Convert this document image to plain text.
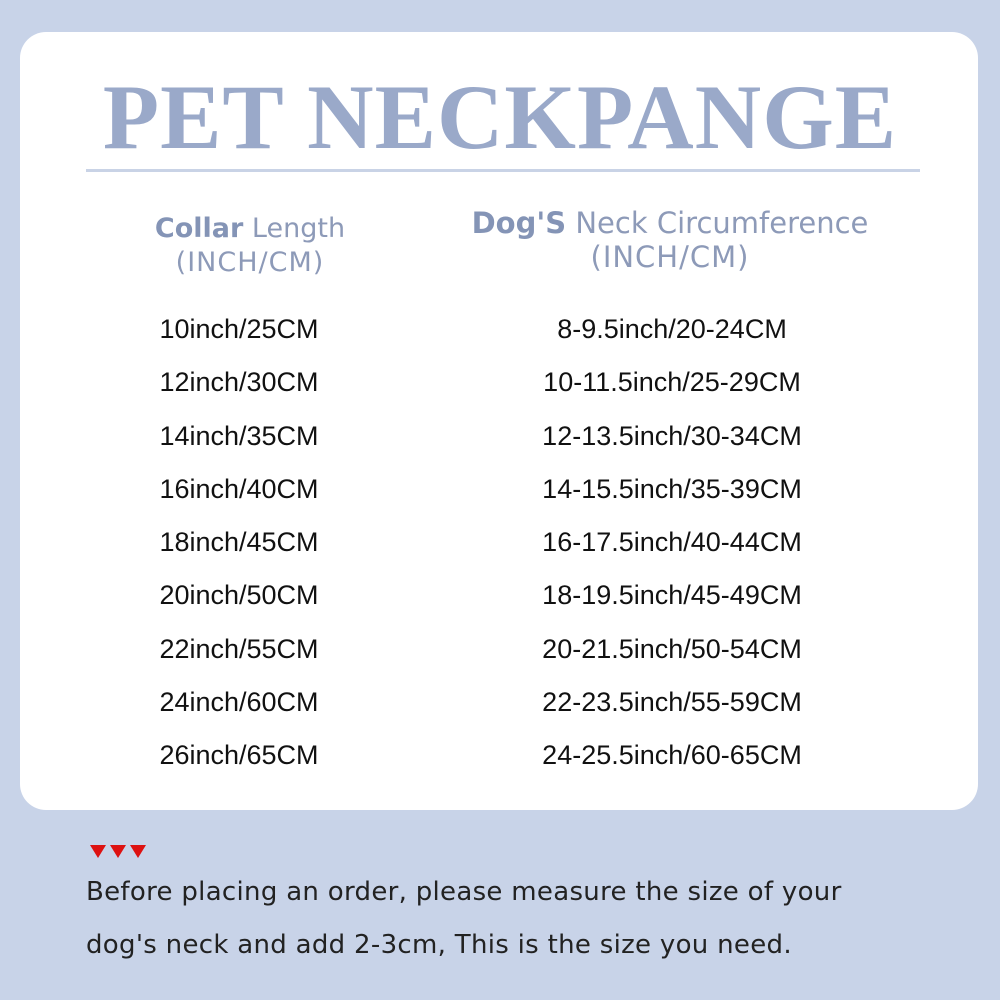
PET NECKPANGE
Collar Length
(INCH/CM)
Dog'S Neck Circumference
(INCH/CM)
10inch/25CM	8-9.5inch/20-24CM
12inch/30CM	10-11.5inch/25-29CM
14inch/35CM	12-13.5inch/30-34CM
16inch/40CM	14-15.5inch/35-39CM
18inch/45CM	16-17.5inch/40-44CM
20inch/50CM	18-19.5inch/45-49CM
22inch/55CM	20-21.5inch/50-54CM
24inch/60CM	22-23.5inch/55-59CM
26inch/65CM	24-25.5inch/60-65CM

Before placing an order, please measure the size of your
dog's neck and add 2-3cm, This is the size you need.
